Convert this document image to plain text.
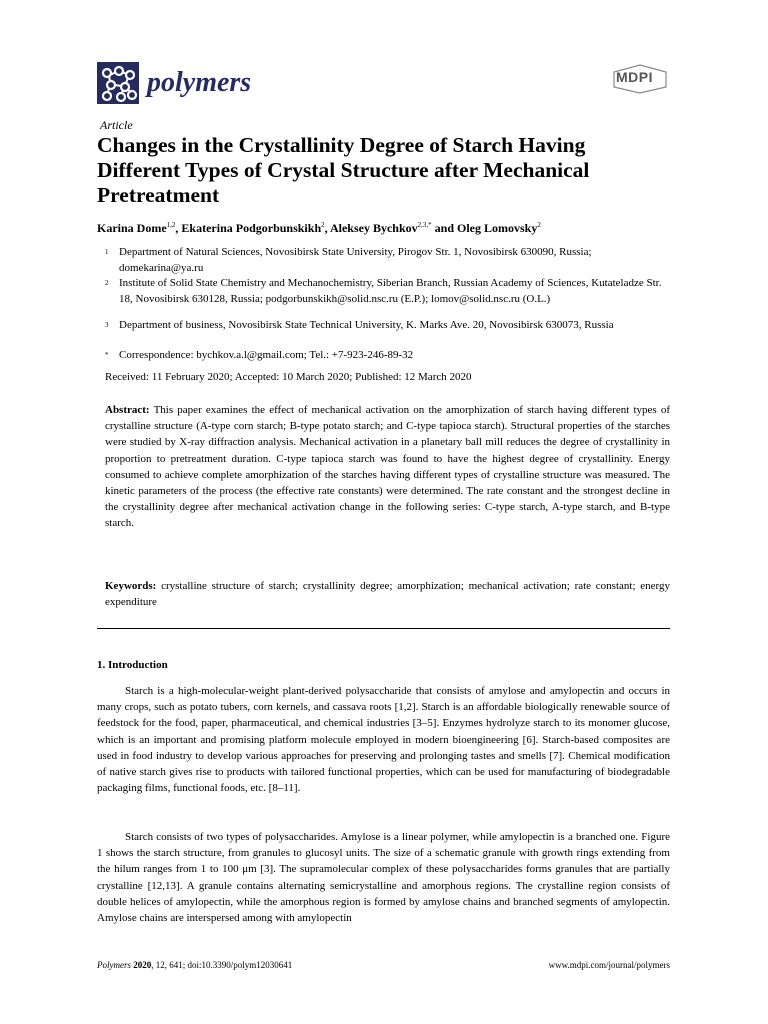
polymers	MDPI
Article
Changes in the Crystallinity Degree of Starch Having Different Types of Crystal Structure after Mechanical Pretreatment
Karina Dome$^{1,2}$, Ekaterina Podgorbunskikh$^2$, Aleksey Bychkov$^{2,3,*}$ and Oleg Lomovsky$^2$
1 Department of Natural Sciences, Novosibirsk State University, Pirogov Str. 1, Novosibirsk 630090, Russia; domekarina@ya.ru
2 Institute of Solid State Chemistry and Mechanochemistry, Siberian Branch, Russian Academy of Sciences, Kutateladze Str. 18, Novosibirsk 630128, Russia; podgorbunskikh@solid.nsc.ru (E.P.); lomov@solid.nsc.ru (O.L.)
3 Department of business, Novosibirsk State Technical University, K. Marks Ave. 20, Novosibirsk 630073, Russia
* Correspondence: bychkov.a.l@gmail.com; Tel.: +7-923-246-89-32
Received: 11 February 2020; Accepted: 10 March 2020; Published: 12 March 2020
Abstract: This paper examines the effect of mechanical activation on the amorphization of starch having different types of crystalline structure (A-type corn starch; B-type potato starch; and C-type tapioca starch). Structural properties of the starches were studied by X-ray diffraction analysis. Mechanical activation in a planetary ball mill reduces the degree of crystallinity in proportion to pretreatment duration. C-type tapioca starch was found to have the highest degree of crystallinity. Energy consumed to achieve complete amorphization of the starches having different types of crystalline structure was measured. The kinetic parameters of the process (the effective rate constants) were determined. The rate constant and the strongest decline in the crystallinity degree after mechanical activation change in the following series: C-type starch, A-type starch, and B-type starch.
Keywords: crystalline structure of starch; crystallinity degree; amorphization; mechanical activation; rate constant; energy expenditure
1. Introduction
Starch is a high-molecular-weight plant-derived polysaccharide that consists of amylose and amylopectin and occurs in many crops, such as potato tubers, corn kernels, and cassava roots [1,2]. Starch is an affordable biologically renewable source of feedstock for the food, paper, pharmaceutical, and chemical industries [3–5]. Enzymes hydrolyze starch to its monomer glucose, which is an important and promising platform molecule employed in modern bioengineering [6]. Starch-based composites are used in food industry to develop various approaches for preserving and prolonging tastes and smells [7]. Chemical modification of native starch gives rise to products with tailored functional properties, which can be used for manufacturing of biodegradable packaging films, functional foods, etc. [8–11].
Starch consists of two types of polysaccharides. Amylose is a linear polymer, while amylopectin is a branched one. Figure 1 shows the starch structure, from granules to glucosyl units. The size of a schematic granule with growth rings extending from the hilum ranges from 1 to 100 μm [3]. The supramolecular complex of these polysaccharides forms granules that are partially crystalline [12,13]. A granule contains alternating semicrystalline and amorphous regions. The crystalline region consists of double helices of amylopectin, while the amorphous region is formed by amylose chains and branched segments of amylopectin. Amylose chains are interspersed among with amylopectin
Polymers 2020, 12, 641; doi:10.3390/polym12030641	www.mdpi.com/journal/polymers
